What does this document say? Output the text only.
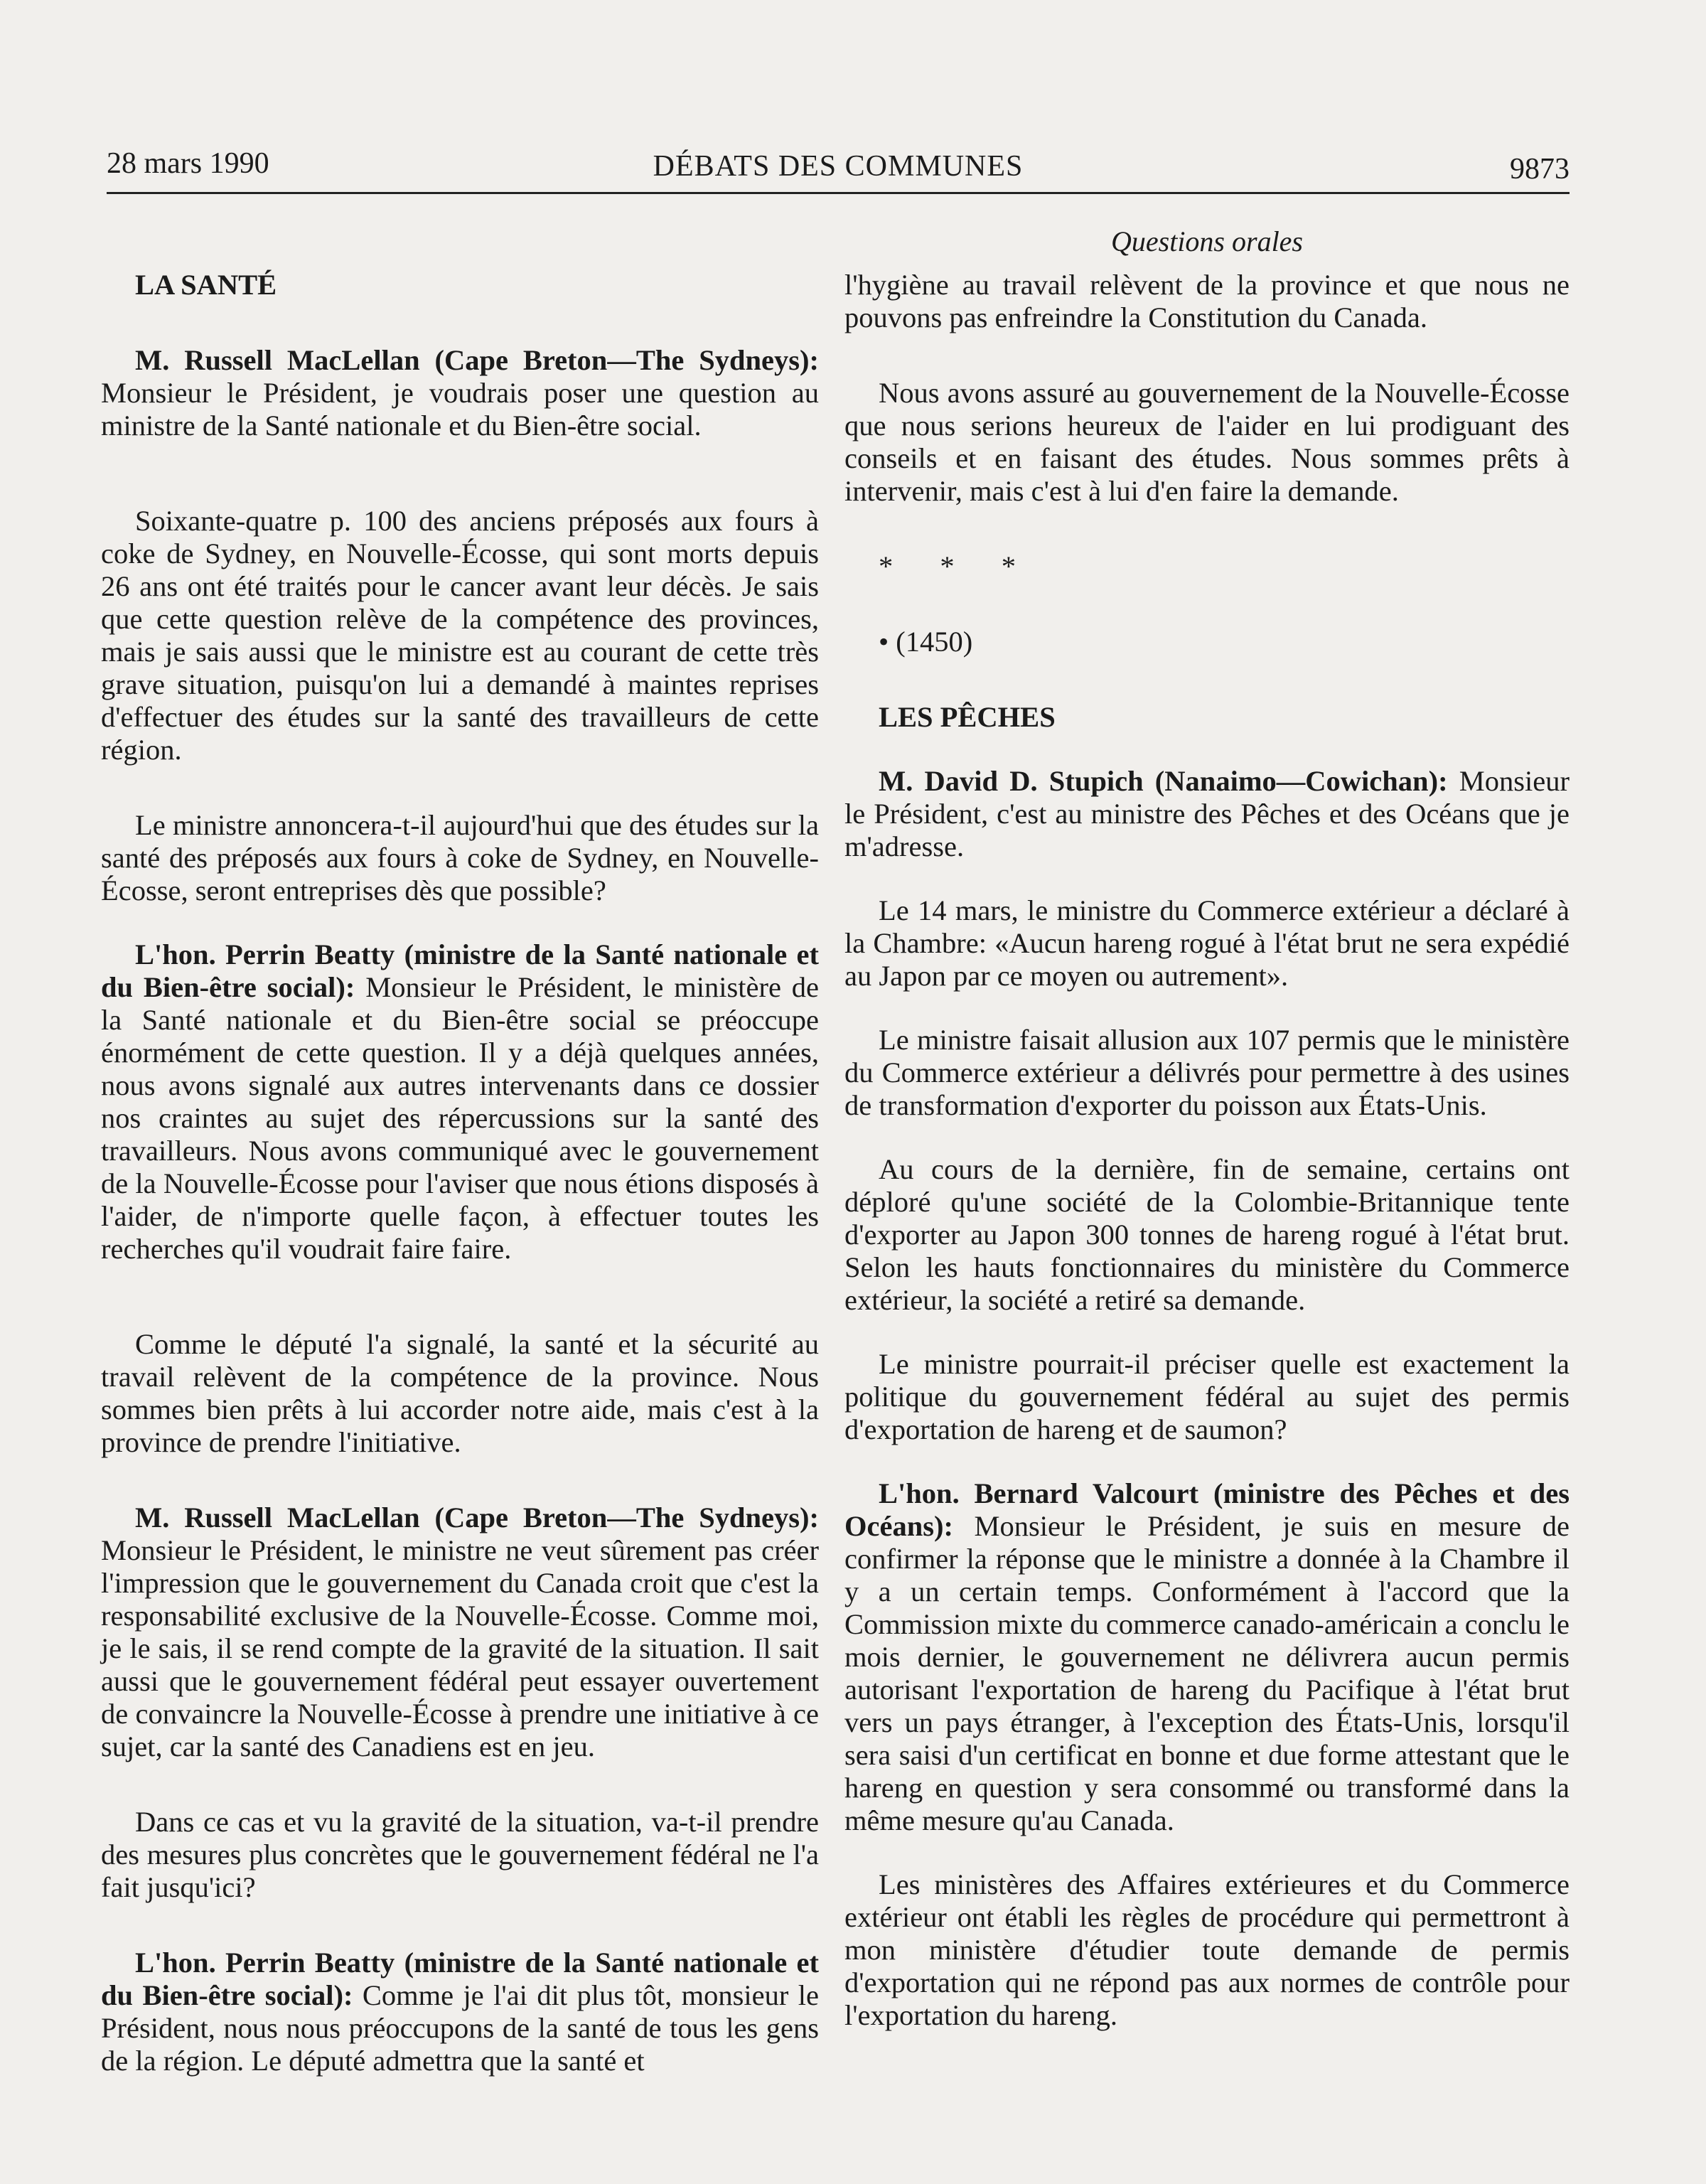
28 mars 1990	DÉBATS DES COMMUNES	9873
Questions orales

LA SANTÉ

M. Russell MacLellan (Cape Breton—The Sydneys): Monsieur le Président, je voudrais poser une question au ministre de la Santé nationale et du Bien-être social.

Soixante-quatre p. 100 des anciens préposés aux fours à coke de Sydney, en Nouvelle-Écosse, qui sont morts depuis 26 ans ont été traités pour le cancer avant leur décès. Je sais que cette question relève de la compétence des provinces, mais je sais aussi que le ministre est au courant de cette très grave situation, puisqu'on lui a demandé à maintes reprises d'effectuer des études sur la santé des travailleurs de cette région.

Le ministre annoncera-t-il aujourd'hui que des études sur la santé des préposés aux fours à coke de Sydney, en Nouvelle-Écosse, seront entreprises dès que possible?

L'hon. Perrin Beatty (ministre de la Santé nationale et du Bien-être social): Monsieur le Président, le ministère de la Santé nationale et du Bien-être social se préoccupe énormément de cette question. Il y a déjà quelques années, nous avons signalé aux autres intervenants dans ce dossier nos craintes au sujet des répercussions sur la santé des travailleurs. Nous avons communiqué avec le gouvernement de la Nouvelle-Écosse pour l'aviser que nous étions disposés à l'aider, de n'importe quelle façon, à effectuer toutes les recherches qu'il voudrait faire faire.

Comme le député l'a signalé, la santé et la sécurité au travail relèvent de la compétence de la province. Nous sommes bien prêts à lui accorder notre aide, mais c'est à la province de prendre l'initiative.

M. Russell MacLellan (Cape Breton—The Sydneys): Monsieur le Président, le ministre ne veut sûrement pas créer l'impression que le gouvernement du Canada croit que c'est la responsabilité exclusive de la Nouvelle-Écosse. Comme moi, je le sais, il se rend compte de la gravité de la situation. Il sait aussi que le gouvernement fédéral peut essayer ouvertement de convaincre la Nouvelle-Écosse à prendre une initiative à ce sujet, car la santé des Canadiens est en jeu.

Dans ce cas et vu la gravité de la situation, va-t-il prendre des mesures plus concrètes que le gouvernement fédéral ne l'a fait jusqu'ici?

L'hon. Perrin Beatty (ministre de la Santé nationale et du Bien-être social): Comme je l'ai dit plus tôt, monsieur le Président, nous nous préoccupons de la santé de tous les gens de la région. Le député admettra que la santé et

l'hygiène au travail relèvent de la province et que nous ne pouvons pas enfreindre la Constitution du Canada.

Nous avons assuré au gouvernement de la Nouvelle-Écosse que nous serions heureux de l'aider en lui prodiguant des conseils et en faisant des études. Nous sommes prêts à intervenir, mais c'est à lui d'en faire la demande.

* * *

• (1450)

LES PÊCHES

M. David D. Stupich (Nanaimo—Cowichan): Monsieur le Président, c'est au ministre des Pêches et des Océans que je m'adresse.

Le 14 mars, le ministre du Commerce extérieur a déclaré à la Chambre: «Aucun hareng rogué à l'état brut ne sera expédié au Japon par ce moyen ou autrement».

Le ministre faisait allusion aux 107 permis que le ministère du Commerce extérieur a délivrés pour permettre à des usines de transformation d'exporter du poisson aux États-Unis.

Au cours de la dernière, fin de semaine, certains ont déploré qu'une société de la Colombie-Britannique tente d'exporter au Japon 300 tonnes de hareng rogué à l'état brut. Selon les hauts fonctionnaires du ministère du Commerce extérieur, la société a retiré sa demande.

Le ministre pourrait-il préciser quelle est exactement la politique du gouvernement fédéral au sujet des permis d'exportation de hareng et de saumon?

L'hon. Bernard Valcourt (ministre des Pêches et des Océans): Monsieur le Président, je suis en mesure de confirmer la réponse que le ministre a donnée à la Chambre il y a un certain temps. Conformément à l'accord que la Commission mixte du commerce canado-américain a conclu le mois dernier, le gouvernement ne délivrera aucun permis autorisant l'exportation de hareng du Pacifique à l'état brut vers un pays étranger, à l'exception des États-Unis, lorsqu'il sera saisi d'un certificat en bonne et due forme attestant que le hareng en question y sera consommé ou transformé dans la même mesure qu'au Canada.

Les ministères des Affaires extérieures et du Commerce extérieur ont établi les règles de procédure qui permettront à mon ministère d'étudier toute demande de permis d'exportation qui ne répond pas aux normes de contrôle pour l'exportation du hareng.
